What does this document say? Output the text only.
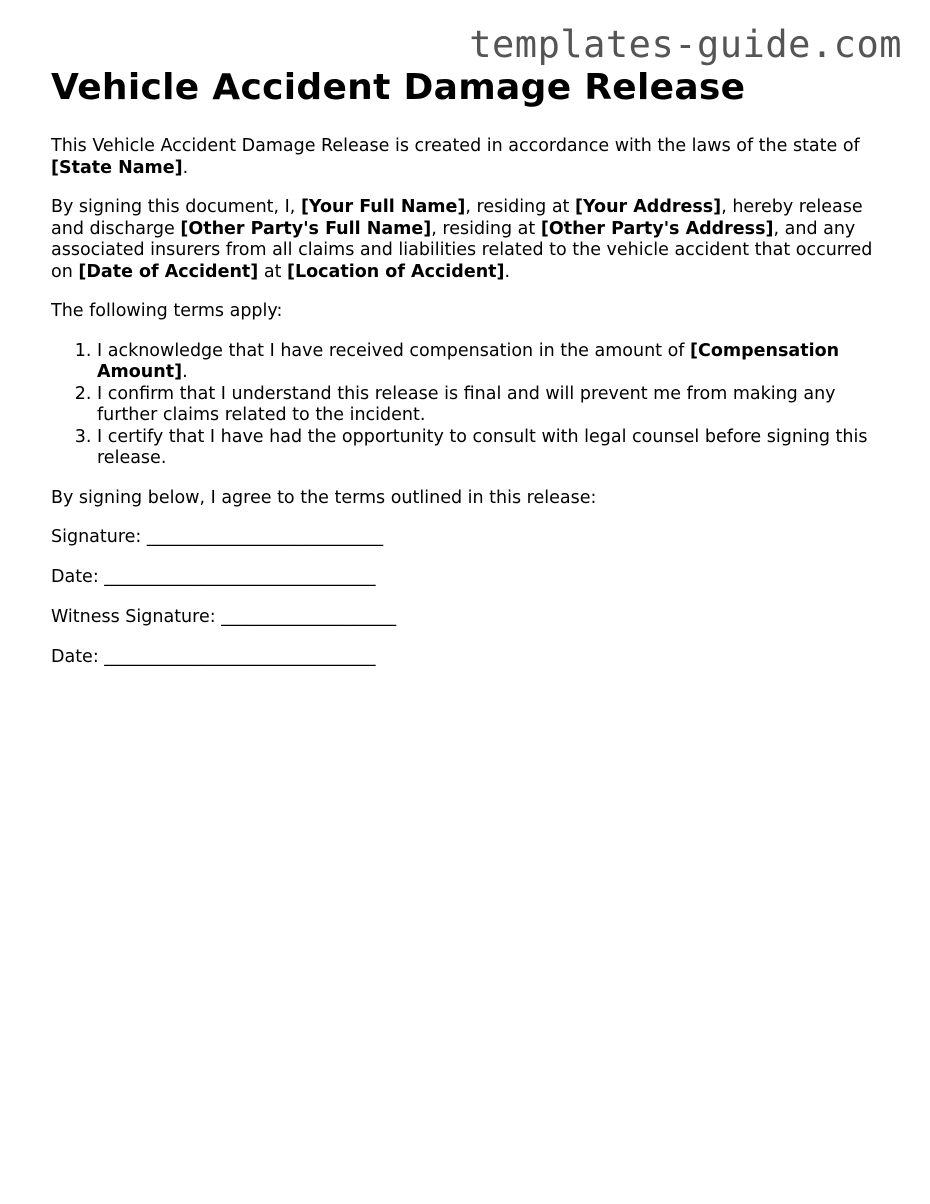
templates-guide.com
Vehicle Accident Damage Release

This Vehicle Accident Damage Release is created in accordance with the laws of the state of [State Name].

By signing this document, I, [Your Full Name], residing at [Your Address], hereby release and discharge [Other Party's Full Name], residing at [Other Party's Address], and any associated insurers from all claims and liabilities related to the vehicle accident that occurred on [Date of Accident] at [Location of Accident].

The following terms apply:

1. I acknowledge that I have received compensation in the amount of [Compensation Amount].
2. I confirm that I understand this release is final and will prevent me from making any further claims related to the incident.
3. I certify that I have had the opportunity to consult with legal counsel before signing this release.

By signing below, I agree to the terms outlined in this release:

Signature: ___________________________
Date: _______________________________
Witness Signature: ____________________
Date: _______________________________
